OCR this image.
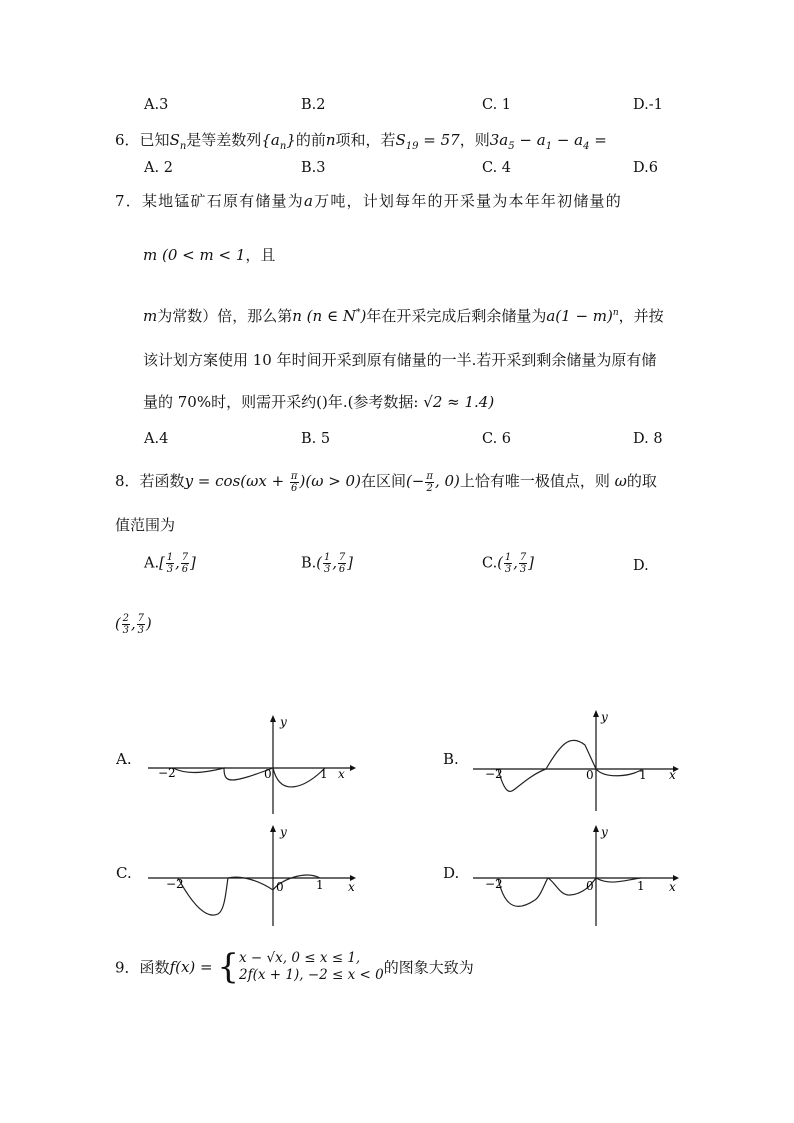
A.3	B.2	C. 1	D.-1
6．已知$S_n$是等差数列$\{a_n\}$的前n项和，若$S_{19} = 57$，则$3a_5 - a_1 - a_4$ =
A. 2	B.3	C. 4	D.6
7．某地锰矿石原有储量为a万吨，计划每年的开采量为本年年初储量的
m (0 < m < 1，且
m为常数）倍，那么第n (n ∈ N*)年在开采完成后剩余储量为$a(1 - m)^n$，并按
该计划方案使用 10 年时间开采到原有储量的一半.若开采到剩余储量为原有储
量的 70%时，则需开采约()年.(参考数据: √2 ≈ 1.4)
A.4	B. 5	C. 6	D. 8
8．若函数$y = \cos(\omega x + \frac{\pi}{6} )(\omega > 0)$在区间(− $\frac{\pi}{2}$ , 0)上恰有唯一极值点，则 ω的取
值范围为
$A.[ \frac{1}{3}$ , $\frac{7}{6}$ ]	$B.( \frac{1}{3}$ , $\frac{7}{6}$ ]	$C.( \frac{1}{3}$ , $\frac{7}{3}$ ]	D.
( $\frac{2}{3}$ , $\frac{7}{3}$ )
A.	B.
C.	D.
−2	0	1 x
y
−2	0	1 x
y
−2	0	1 x
y
−2	0	1 x
y
9．函数f(x) = { x − √x, 0 ≤ x ≤ 1,
2f(x + 1), −2 ≤ x < 0 的图象大致为
